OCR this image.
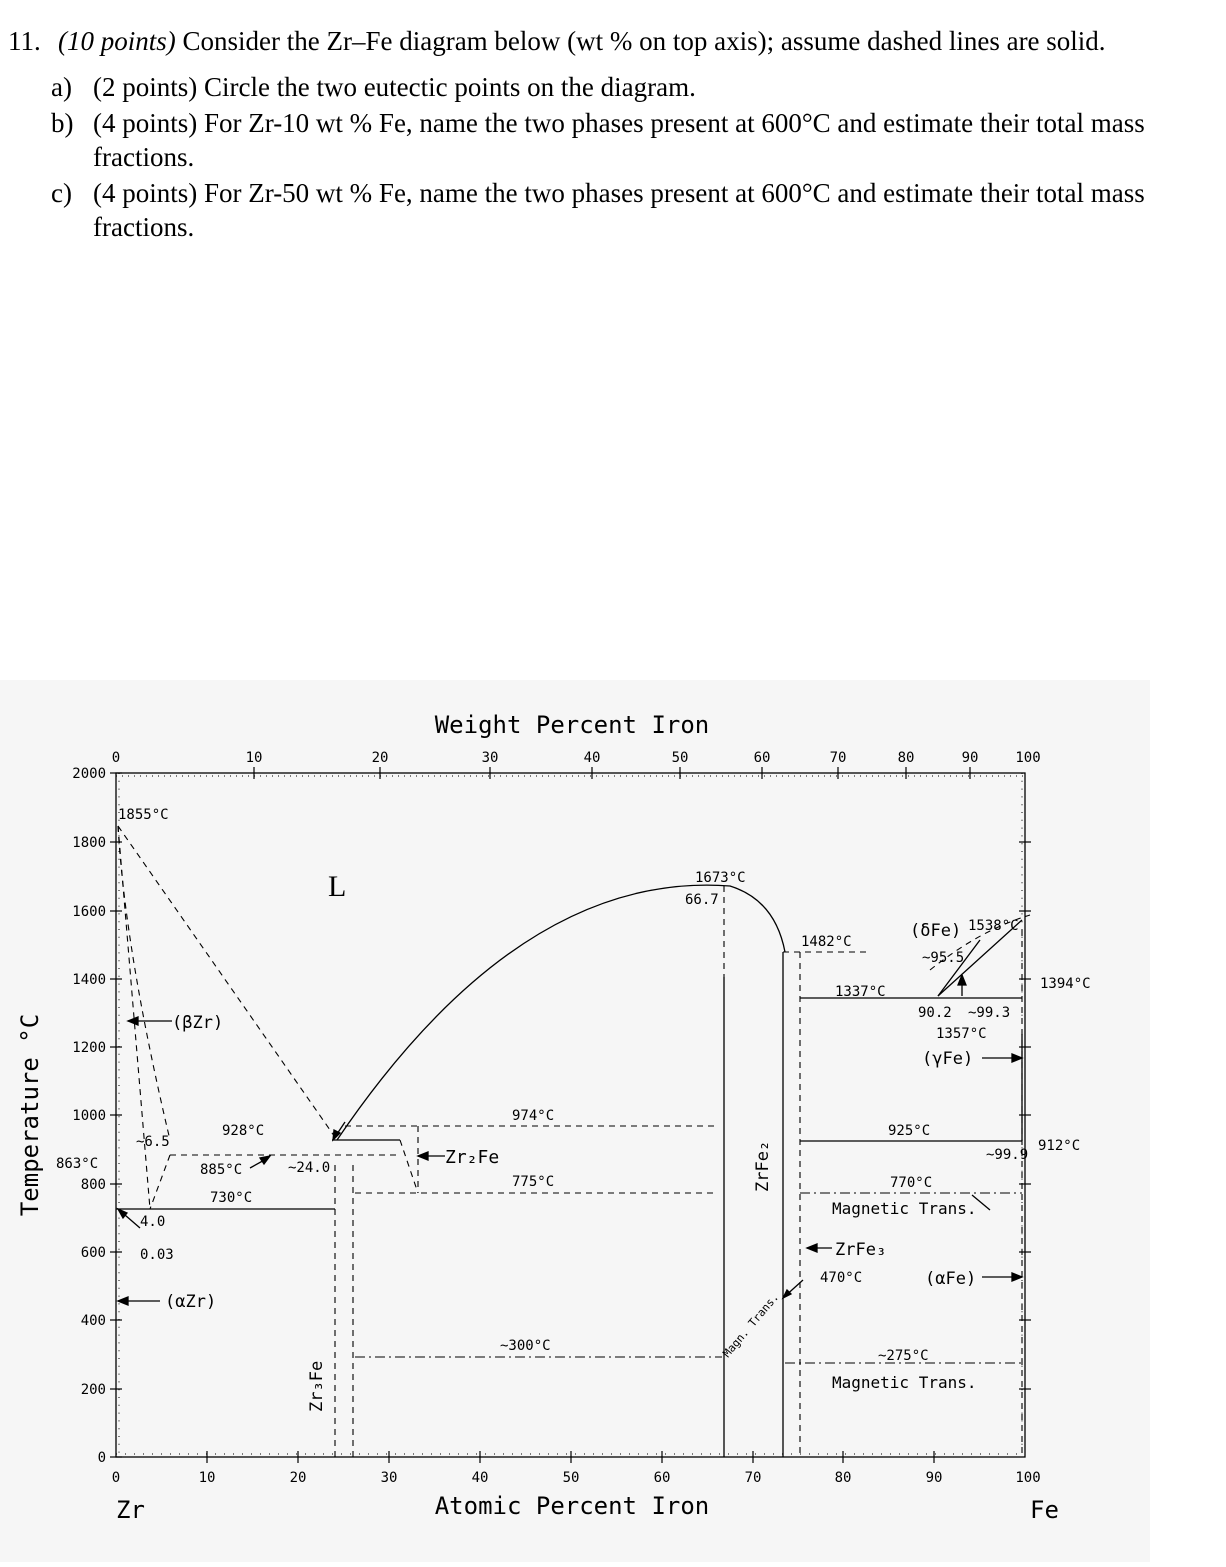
11. (10 points) Consider the Zr–Fe diagram below (wt % on top axis); assume dashed lines are solid.
a) (2 points) Circle the two eutectic points on the diagram.
b) (4 points) For Zr-10 wt % Fe, name the two phases present at 600°C and estimate their total mass fractions.
c) (4 points) For Zr-50 wt % Fe, name the two phases present at 600°C and estimate their total mass fractions.
Weight Percent Iron
Atomic Percent Iron
Temperature °C
0	10	20	30	40	50	60	70	80	90	100
0	10	20	30	40	50	60	70	80	90	100
2000
1800
1600
1400
1200
1000
800
600
400
200
0
Zr	Fe
1855°C
L	1673°C
66.7
1482°C
(δFe) 1538°C
~95.5
1394°C
1337°C
90.2 ~99.3
1357°C
(γFe)
(βZr)
974°C
~6.5
928°C
863°C	885°C	~24.0	Zr₂Fe
775°C
925°C
~99.9
912°C
730°C
4.0
770°C
Magnetic Trans.
ZrFe₂
ZrFe₃
0.03
470°C	(αFe)
(αZr)
~300°C	Magn. Trans.	~275°C
Magnetic Trans.
Zr₃Fe
